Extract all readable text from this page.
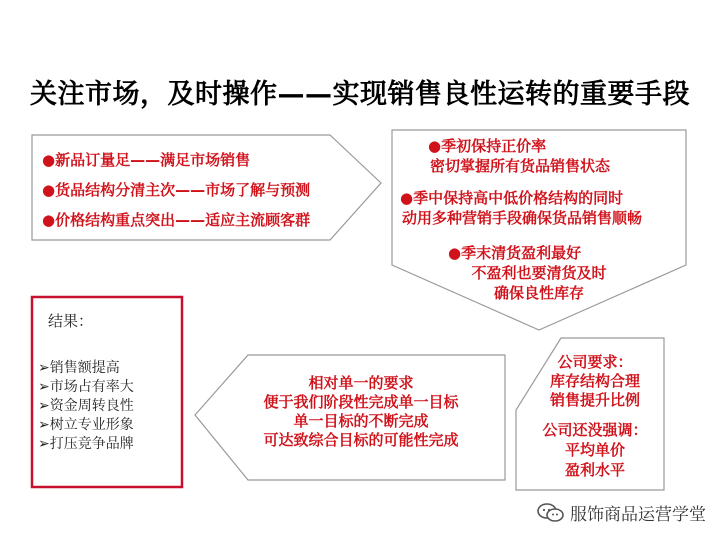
关注市场，及时操作——实现销售良性运转的重要手段
●新品订量足——满足市场销售
●货品结构分清主次——市场了解与预测
●价格结构重点突出——适应主流顾客群
●季初保持正价率
密切掌握所有货品销售状态
●季中保持高中低价格结构的同时
动用多种营销手段确保货品销售顺畅
●季末清货盈利最好
不盈利也要清货及时
确保良性库存
公司要求：
库存结构合理
销售提升比例
公司还没强调：
平均单价
盈利水平
相对单一的要求
便于我们阶段性完成单一目标
单一目标的不断完成
可达致综合目标的可能性完成
结果：
➢销售额提高
➢市场占有率大
➢资金周转良性
➢树立专业形象
➢打压竞争品牌
服饰商品运营学堂
